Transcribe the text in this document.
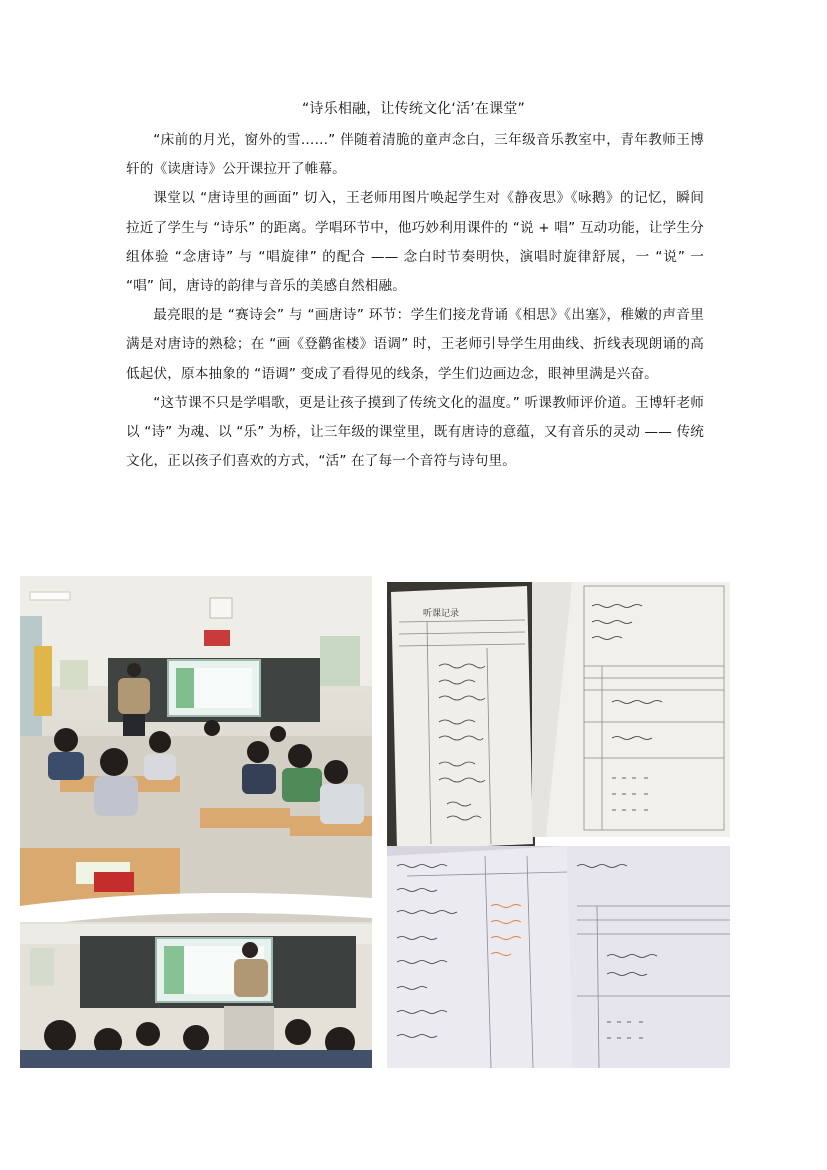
“诗乐相融，让传统文化‘活’在课堂”

“床前的月光，窗外的雪……” 伴随着清脆的童声念白，三年级音乐教室中，青年教师王博轩的《读唐诗》公开课拉开了帷幕。

课堂以 “唐诗里的画面” 切入，王老师用图片唤起学生对《静夜思》《咏鹅》的记忆，瞬间拉近了学生与 “诗乐” 的距离。学唱环节中，他巧妙利用课件的 “说 + 唱” 互动功能，让学生分组体验 “念唐诗” 与 “唱旋律” 的配合 —— 念白时节奏明快，演唱时旋律舒展，一 “说” 一 “唱” 间，唐诗的韵律与音乐的美感自然相融。

最亮眼的是 “赛诗会” 与 “画唐诗” 环节：学生们接龙背诵《相思》《出塞》，稚嫩的声音里满是对唐诗的熟稔；在 “画《登鹳雀楼》语调” 时，王老师引导学生用曲线、折线表现朗诵的高低起伏，原本抽象的 “语调” 变成了看得见的线条，学生们边画边念，眼神里满是兴奋。

“这节课不只是学唱歌，更是让孩子摸到了传统文化的温度。” 听课教师评价道。王博轩老师以 “诗” 为魂、以 “乐” 为桥，让三年级的课堂里，既有唐诗的意蕴，又有音乐的灵动 —— 传统文化，正以孩子们喜欢的方式，“活” 在了每一个音符与诗句里。

听课记录
